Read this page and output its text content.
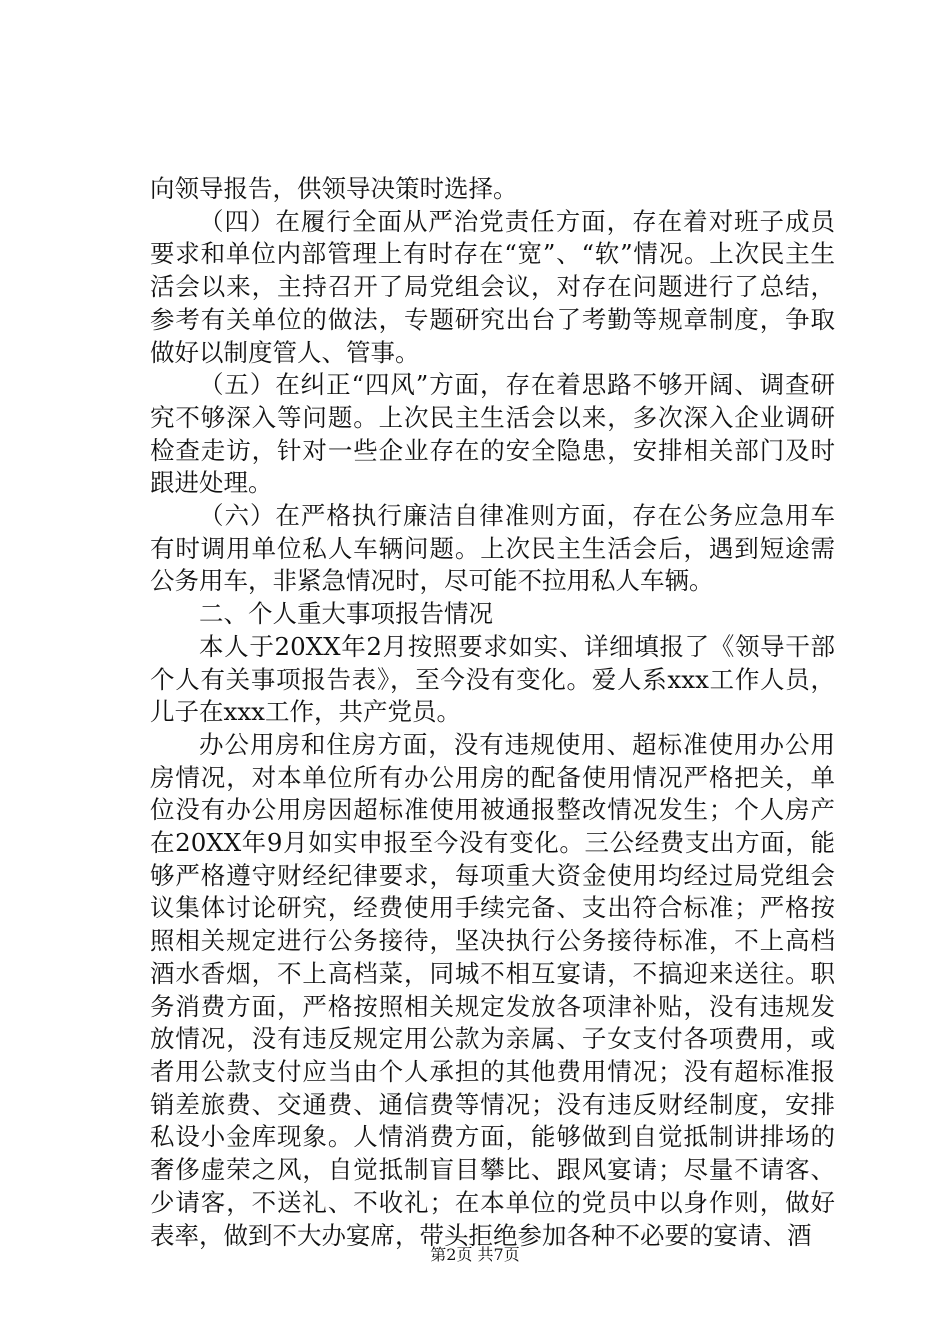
向领导报告，供领导决策时选择。

（四）在履行全面从严治党责任方面，存在着对班子成员要求和单位内部管理上有时存在“宽”、“软”情况。上次民主生活会以来，主持召开了局党组会议，对存在问题进行了总结，参考有关单位的做法，专题研究出台了考勤等规章制度，争取做好以制度管人、管事。

（五）在纠正“四风”方面，存在着思路不够开阔、调查研究不够深入等问题。上次民主生活会以来，多次深入企业调研检查走访，针对一些企业存在的安全隐患，安排相关部门及时跟进处理。

（六）在严格执行廉洁自律准则方面，存在公务应急用车有时调用单位私人车辆问题。上次民主生活会后，遇到短途需公务用车，非紧急情况时，尽可能不拉用私人车辆。

二、个人重大事项报告情况

本人于20XX年2月按照要求如实、详细填报了《领导干部个人有关事项报告表》，至今没有变化。爱人系xxx工作人员，儿子在xxx工作，共产党员。

办公用房和住房方面，没有违规使用、超标准使用办公用房情况，对本单位所有办公用房的配备使用情况严格把关，单位没有办公用房因超标准使用被通报整改情况发生；个人房产在20XX年9月如实申报至今没有变化。三公经费支出方面，能够严格遵守财经纪律要求，每项重大资金使用均经过局党组会议集体讨论研究，经费使用手续完备、支出符合标准；严格按照相关规定进行公务接待，坚决执行公务接待标准，不上高档酒水香烟，不上高档菜，同城不相互宴请，不搞迎来送往。职务消费方面，严格按照相关规定发放各项津补贴，没有违规发放情况，没有违反规定用公款为亲属、子女支付各项费用，或者用公款支付应当由个人承担的其他费用情况；没有超标准报销差旅费、交通费、通信费等情况；没有违反财经制度，安排私设小金库现象。人情消费方面，能够做到自觉抵制讲排场的奢侈虚荣之风，自觉抵制盲目攀比、跟风宴请；尽量不请客、少请客，不送礼、不收礼；在本单位的党员中以身作则，做好表率，做到不大办宴席，带头拒绝参加各种不必要的宴请、酒

第2页 共7页
